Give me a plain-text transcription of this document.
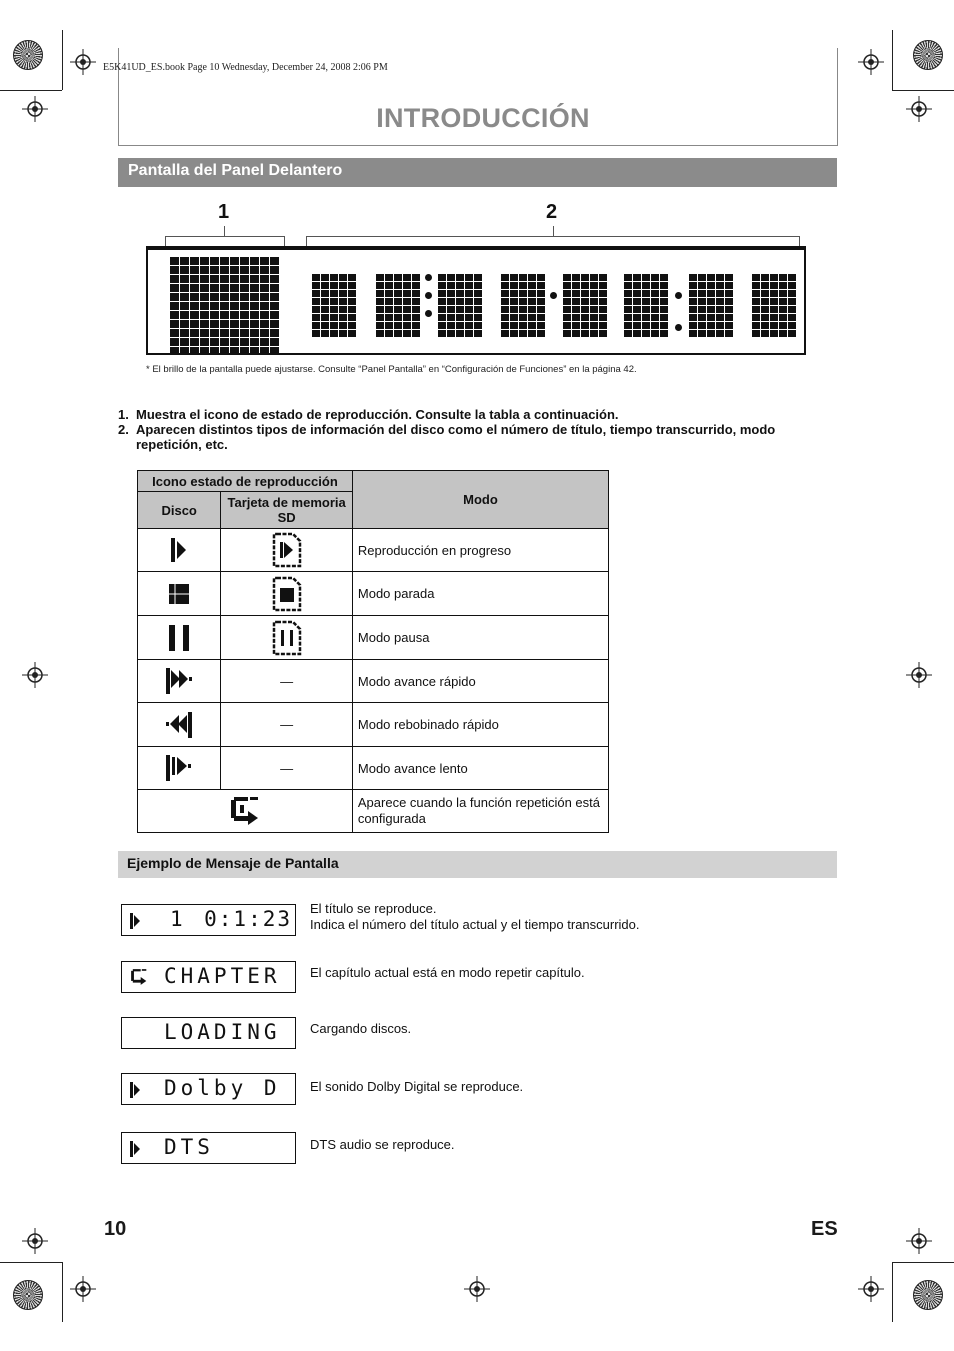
E5K41UD_ES.book Page 10 Wednesday, December 24, 2008 2:06 PM
INTRODUCCIÓN
Pantalla del Panel Delantero
1	2
* El brillo de la pantalla puede ajustarse. Consulte “Panel Pantalla” en “Configuración de Funciones” en la página 42.
1. Muestra el icono de estado de reproducción. Consulte la tabla a continuación.
2. Aparecen distintos tipos de información del disco como el número de título, tiempo transcurrido, modo repetición, etc.
Icono estado de reproducción		Modo
Disco	Tarjeta de memoria SD	
		Reproducción en progreso
		Modo parada
		Modo pausa
	—	Modo avance rápido
	—	Modo rebobinado rápido
	—	Modo avance lento
	Aparece cuando la función repetición está configurada
Ejemplo de Mensaje de Pantalla
1 0:1:23 El título se reproduce.
Indica el número del título actual y el tiempo transcurrido.
CHAPTER El capítulo actual está en modo repetir capítulo.
LOADING Cargando discos.
Dolby D El sonido Dolby Digital se reproduce.
DTS	DTS audio se reproduce.
10	ES
